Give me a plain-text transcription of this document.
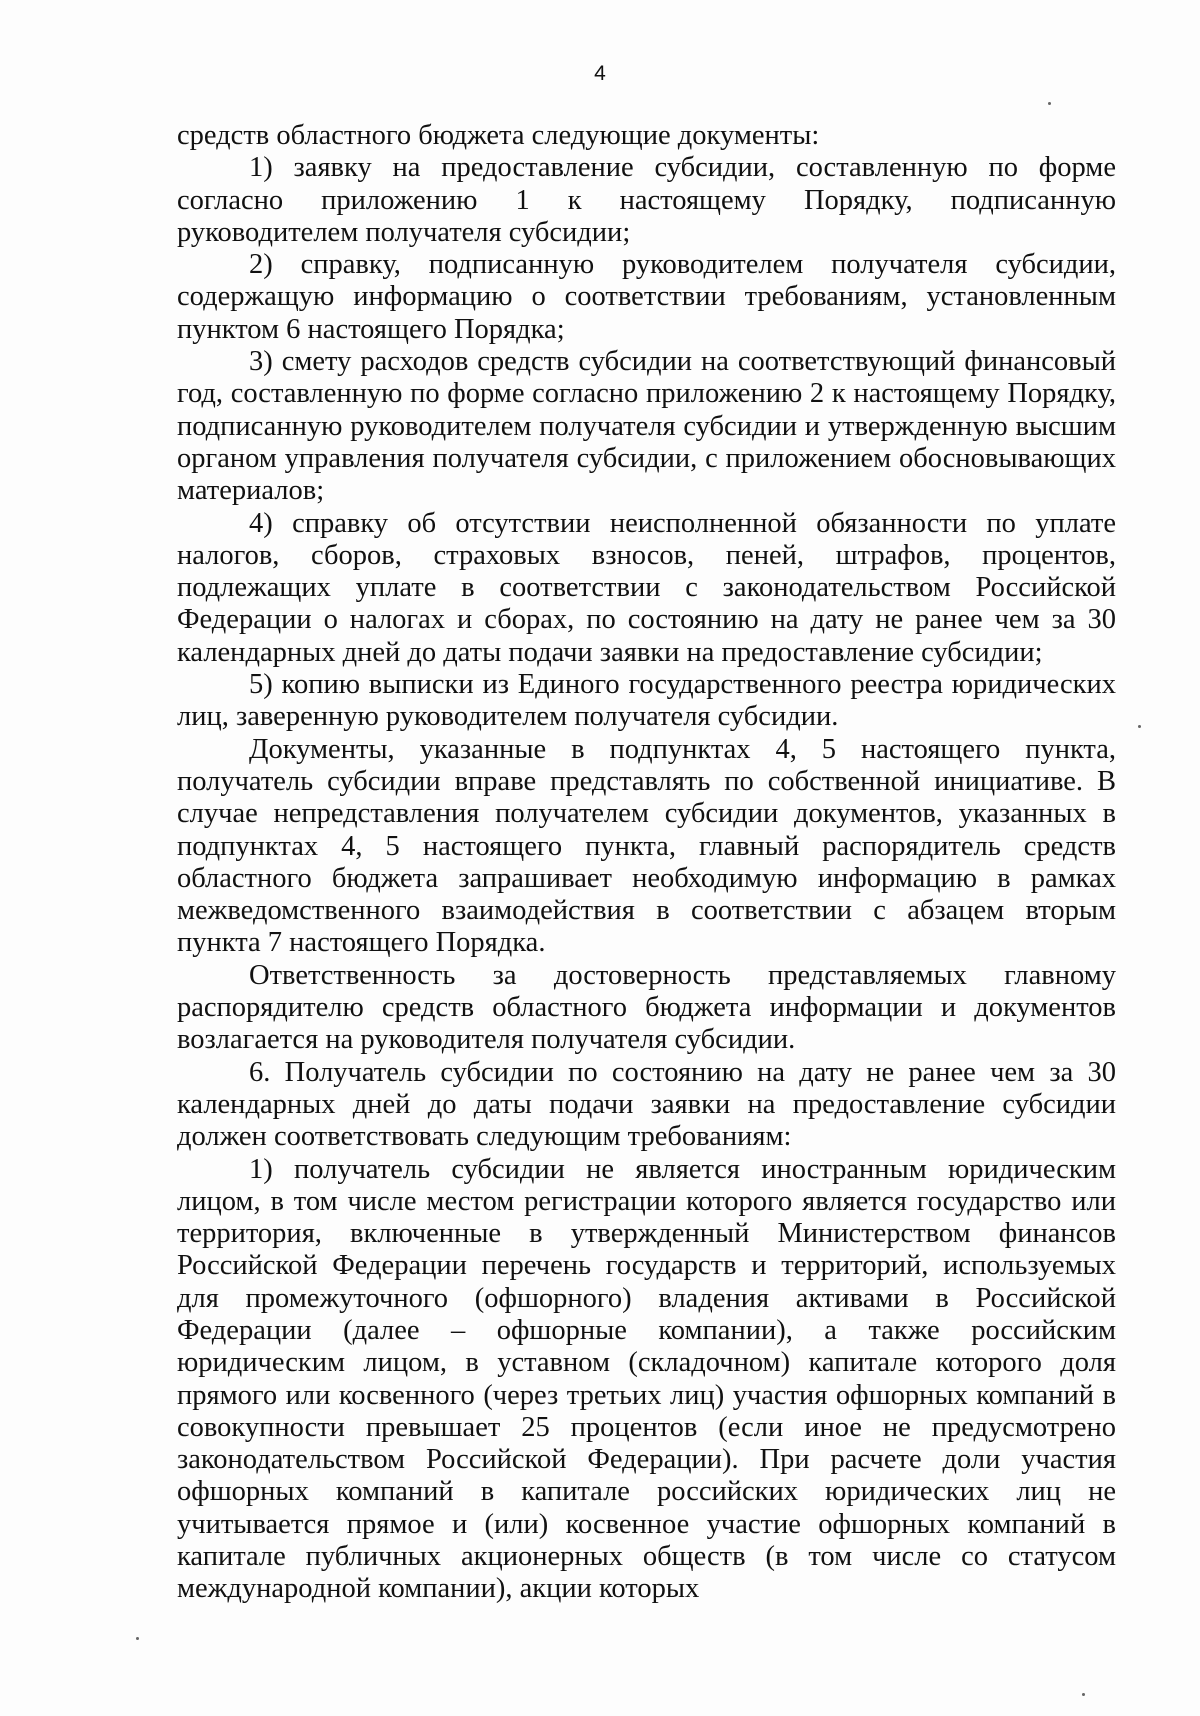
4

средств областного бюджета следующие документы:

1) заявку на предоставление субсидии, составленную по форме согласно приложению 1 к настоящему Порядку, подписанную руководителем получателя субсидии;

2) справку, подписанную руководителем получателя субсидии, содержащую информацию о соответствии требованиям, установленным пунктом 6 настоящего Порядка;

3) смету расходов средств субсидии на соответствующий финансовый год, составленную по форме согласно приложению 2 к настоящему Порядку, подписанную руководителем получателя субсидии и утвержденную высшим органом управления получателя субсидии, с приложением обосновывающих материалов;

4) справку об отсутствии неисполненной обязанности по уплате налогов, сборов, страховых взносов, пеней, штрафов, процентов, подлежащих уплате в соответствии с законодательством Российской Федерации о налогах и сборах, по состоянию на дату не ранее чем за 30 календарных дней до даты подачи заявки на предоставление субсидии;

5) копию выписки из Единого государственного реестра юридических лиц, заверенную руководителем получателя субсидии.

Документы, указанные в подпунктах 4, 5 настоящего пункта, получатель субсидии вправе представлять по собственной инициативе. В случае непредставления получателем субсидии документов, указанных в подпунктах 4, 5 настоящего пункта, главный распорядитель средств областного бюджета запрашивает необходимую информацию в рамках межведомственного взаимодействия в соответствии с абзацем вторым пункта 7 настоящего Порядка.

Ответственность за достоверность представляемых главному распорядителю средств областного бюджета информации и документов возлагается на руководителя получателя субсидии.

6. Получатель субсидии по состоянию на дату не ранее чем за 30 календарных дней до даты подачи заявки на предоставление субсидии должен соответствовать следующим требованиям:

1) получатель субсидии не является иностранным юридическим лицом, в том числе местом регистрации которого является государство или территория, включенные в утвержденный Министерством финансов Российской Федерации перечень государств и территорий, используемых для промежуточного (офшорного) владения активами в Российской Федерации (далее – офшорные компании), а также российским юридическим лицом, в уставном (складочном) капитале которого доля прямого или косвенного (через третьих лиц) участия офшорных компаний в совокупности превышает 25 процентов (если иное не предусмотрено законодательством Российской Федерации). При расчете доли участия офшорных компаний в капитале российских юридических лиц не учитывается прямое и (или) косвенное участие офшорных компаний в капитале публичных акционерных обществ (в том числе со статусом международной компании), акции которых
